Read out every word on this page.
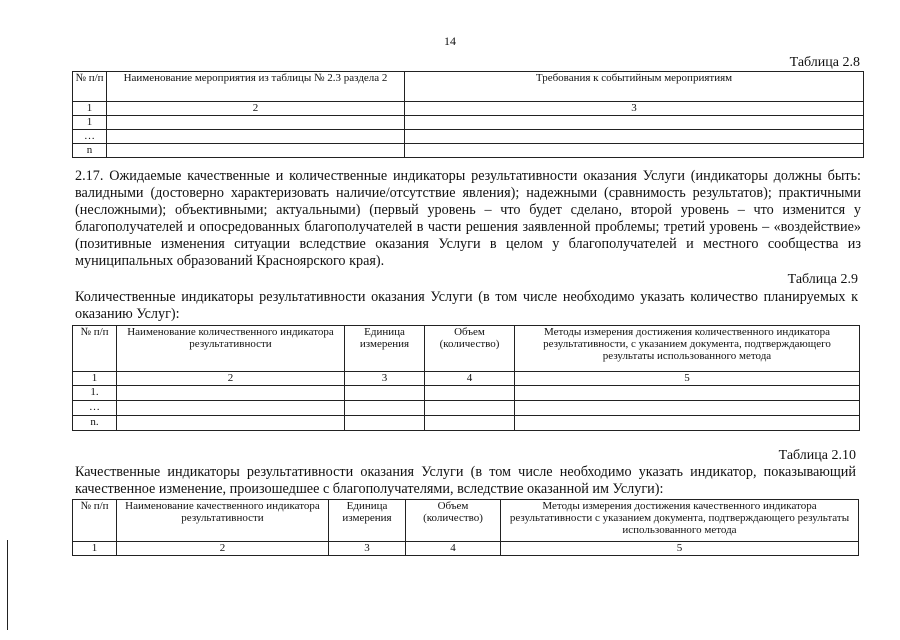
14
Таблица 2.8
№ п/п	Наименование мероприятия из таблицы № 2.3 раздела 2	Требования к событийным мероприятиям
1	2	3
1		
…		
n		
2.17. Ожидаемые качественные и количественные индикаторы результативности оказания Услуги (индикаторы должны быть: валидными (достоверно характеризовать наличие/отсутствие явления); надежными (сравнимость результатов); практичными (несложными); объективными; актуальными) (первый уровень – что будет сделано, второй уровень – что изменится у благополучателей и опосредованных благополучателей в части решения заявленной проблемы; третий уровень – «воздействие» (позитивные изменения ситуации вследствие оказания Услуги в целом у благополучателей и местного сообщества из муниципальных образований Красноярского края).
Таблица 2.9
Количественные индикаторы результативности оказания Услуги (в том числе необходимо указать количество планируемых к оказанию Услуг):
№ п/п	Наименование количественного индикатора результативности	Единица измерения	Объем (количество)	Методы измерения достижения количественного индикатора результативности, с указанием документа, подтверждающего результаты использованного метода
1	2	3	4	5
1.				
…				
n.				
Таблица 2.10
Качественные индикаторы результативности оказания Услуги (в том числе необходимо указать индикатор, показывающий качественное изменение, произошедшее с благополучателями, вследствие оказанной им Услуги):
№ п/п	Наименование качественного индикатора результативности	Единица измерения	Объем (количество)	Методы измерения достижения качественного индикатора результативности с указанием документа, подтверждающего результаты использованного метода
1	2	3	4	5
